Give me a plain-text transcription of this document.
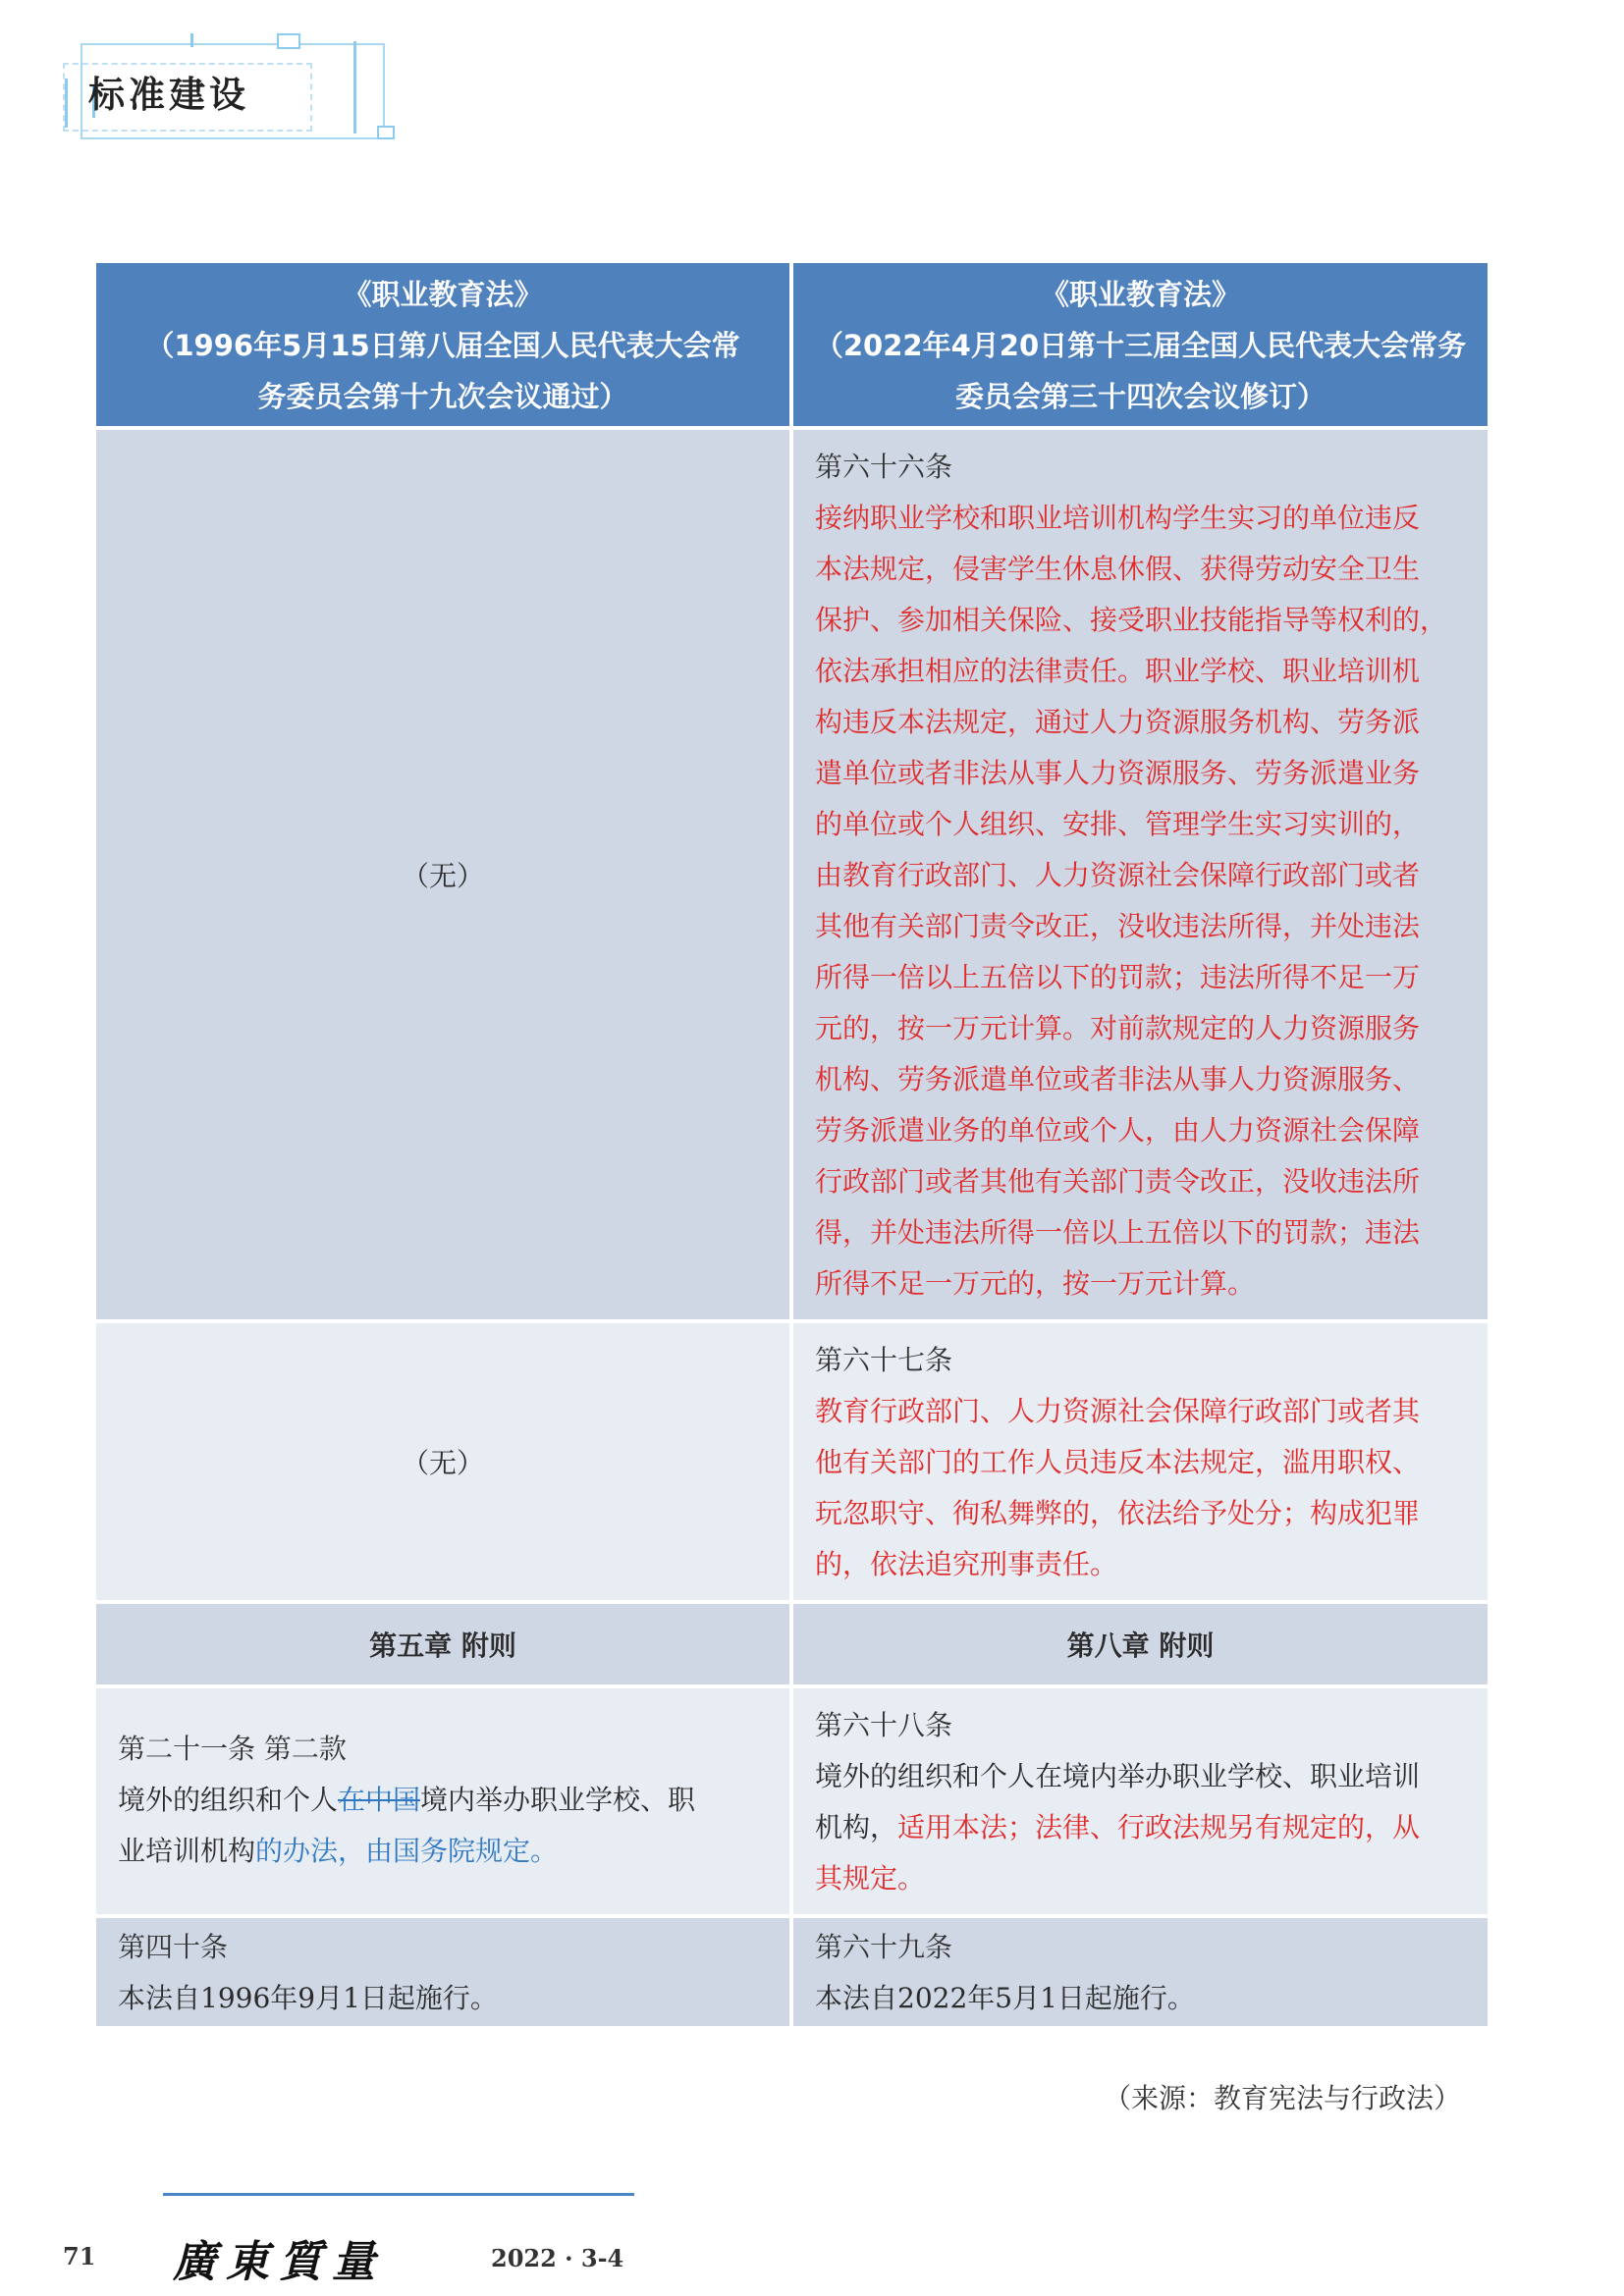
标准建设
《职业教育法》
（1996年5月15日第八届全国人民代表大会常
务委员会第十九次会议通过）
《职业教育法》
（2022年4月20日第十三届全国人民代表大会常务
委员会第三十四次会议修订）
（无）
第六十六条
接纳职业学校和职业培训机构学生实习的单位违反
本法规定，侵害学生休息休假、获得劳动安全卫生
保护、参加相关保险、接受职业技能指导等权利的，
依法承担相应的法律责任。职业学校、职业培训机
构违反本法规定，通过人力资源服务机构、劳务派
遣单位或者非法从事人力资源服务、劳务派遣业务
的单位或个人组织、安排、管理学生实习实训的，
由教育行政部门、人力资源社会保障行政部门或者
其他有关部门责令改正，没收违法所得，并处违法
所得一倍以上五倍以下的罚款；违法所得不足一万
元的，按一万元计算。对前款规定的人力资源服务
机构、劳务派遣单位或者非法从事人力资源服务、
劳务派遣业务的单位或个人，由人力资源社会保障
行政部门或者其他有关部门责令改正，没收违法所
得，并处违法所得一倍以上五倍以下的罚款；违法
所得不足一万元的，按一万元计算。
（无）
第六十七条
教育行政部门、人力资源社会保障行政部门或者其
他有关部门的工作人员违反本法规定，滥用职权、
玩忽职守、徇私舞弊的，依法给予处分；构成犯罪
的，依法追究刑事责任。
第五章 附则	第八章 附则
第二十一条 第二款
境外的组织和个人在中国境内举办职业学校、职
业培训机构的办法，由国务院规定。
第六十八条
境外的组织和个人在境内举办职业学校、职业培训
机构，适用本法；法律、行政法规另有规定的，从
其规定。
第四十条
本法自1996年9月1日起施行。
第六十九条
本法自2022年5月1日起施行。
（来源：教育宪法与行政法）
71 廣東質量	2022 · 3-4
